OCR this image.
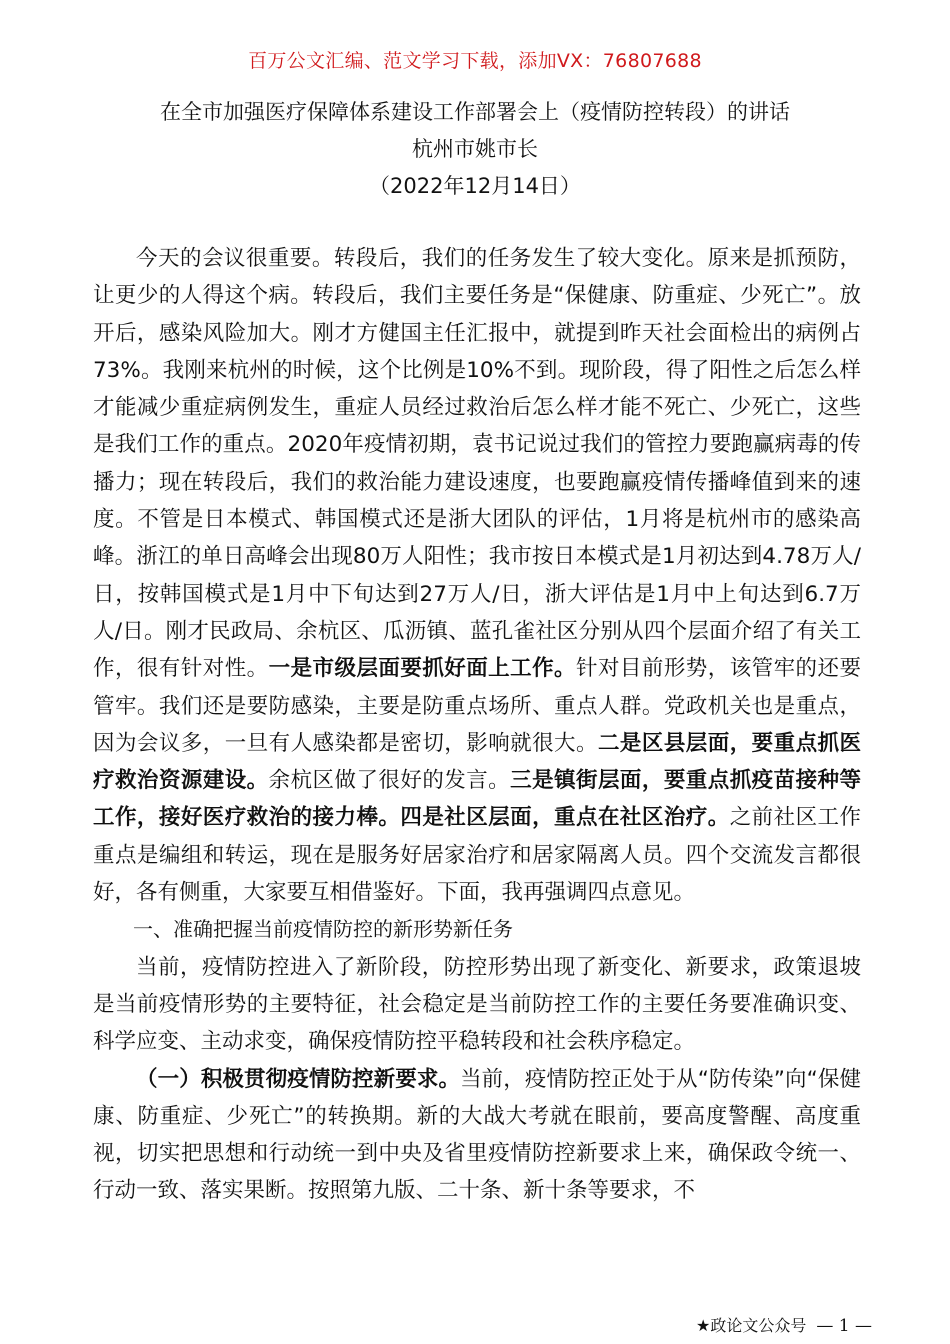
百万公文汇编、范文学习下载，添加VX：76807688
在全市加强医疗保障体系建设工作部署会上（疫情防控转段）的讲话
杭州市姚市长
（2022年12月14日）

今天的会议很重要。转段后，我们的任务发生了较大变化。原来是抓预防，让更少的人得这个病。转段后，我们主要任务是“保健康、防重症、少死亡”。放开后，感染风险加大。刚才方健国主任汇报中，就提到昨天社会面检出的病例占73%。我刚来杭州的时候，这个比例是10%不到。现阶段，得了阳性之后怎么样才能减少重症病例发生，重症人员经过救治后怎么样才能不死亡、少死亡，这些是我们工作的重点。2020年疫情初期，袁书记说过我们的管控力要跑赢病毒的传播力；现在转段后，我们的救治能力建设速度，也要跑赢疫情传播峰值到来的速度。不管是日本模式、韩国模式还是浙大团队的评估，1月将是杭州市的感染高峰。浙江的单日高峰会出现80万人阳性；我市按日本模式是1月初达到4.78万人/日，按韩国模式是1月中下旬达到27万人/日，浙大评估是1月中上旬达到6.7万人/日。刚才民政局、余杭区、瓜沥镇、蓝孔雀社区分别从四个层面介绍了有关工作，很有针对性。一是市级层面要抓好面上工作。针对目前形势，该管牢的还要管牢。我们还是要防感染，主要是防重点场所、重点人群。党政机关也是重点，因为会议多，一旦有人感染都是密切，影响就很大。二是区县层面，要重点抓医疗救治资源建设。余杭区做了很好的发言。三是镇街层面，要重点抓疫苗接种等工作，接好医疗救治的接力棒。四是社区层面，重点在社区治疗。之前社区工作重点是编组和转运，现在是服务好居家治疗和居家隔离人员。四个交流发言都很好，各有侧重，大家要互相借鉴好。下面，我再强调四点意见。

一、准确把握当前疫情防控的新形势新任务

当前，疫情防控进入了新阶段，防控形势出现了新变化、新要求，政策退坡是当前疫情形势的主要特征，社会稳定是当前防控工作的主要任务要准确识变、科学应变、主动求变，确保疫情防控平稳转段和社会秩序稳定。

（一）积极贯彻疫情防控新要求。当前，疫情防控正处于从“防传染”向“保健康、防重症、少死亡”的转换期。新的大战大考就在眼前，要高度警醒、高度重视，切实把思想和行动统一到中央及省里疫情防控新要求上来，确保政令统一、行动一致、落实果断。按照第九版、二十条、新十条等要求，不

★政论文公众号 — 1 —
